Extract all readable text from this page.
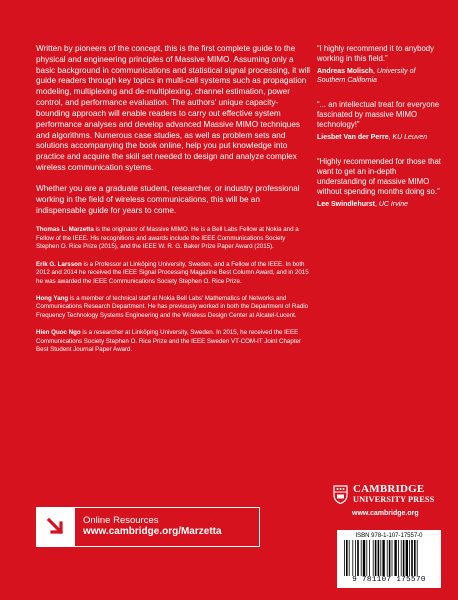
Written by pioneers of the concept, this is the first complete guide to the physical and engineering principles of Massive MIMO. Assuming only a basic background in communications and statistical signal processing, it will guide readers through key topics in multi-cell systems such as propagation modeling, multiplexing and de-multiplexing, channel estimation, power control, and performance evaluation. The authors' unique capacity-bounding approach will enable readers to carry out effective system performance analyses and develop advanced Massive MIMO techniques and algorithms. Numerous case studies, as well as problem sets and solutions accompanying the book online, help you put knowledge into practice and acquire the skill set needed to design and analyze complex wireless communication sytems.

Whether you are a graduate student, researcher, or industry professional working in the field of wireless communications, this will be an indispensable guide for years to come.

Thomas L. Marzetta is the originator of Massive MIMO. He is a Bell Labs Fellow at Nokia and a Fellow of the IEEE. His recognitions and awards include the IEEE Communications Society Stephen O. Rice Prize (2015), and the IEEE W. R. G. Baker Prize Paper Award (2015).

Erik G. Larsson is a Professor at Linköping University, Sweden, and a Fellow of the IEEE. In both 2012 and 2014 he received the IEEE Signal Processing Magazine Best Column Award, and in 2015 he was awarded the IEEE Communications Society Stephen O. Rice Prize.

Hong Yang is a member of technical staff at Nokia Bell Labs' Mathematics of Networks and Communications Research Department. He has previously worked in both the Department of Radio Frequency Technology Systems Engineering and the Wireless Design Center at Alcatel-Lucent.

Hien Quoc Ngo is a researcher at Linköping University, Sweden. In 2015, he received the IEEE Communications Society Stephen O. Rice Prize and the IEEE Sweden VT-COM-IT Joint Chapter Best Student Journal Paper Award.

“I highly recommend it to anybody working in this field.”
Andreas Molisch, University of Southern California
“... an intellectual treat for everyone fascinated by massive MIMO technology!”
Liesbet Van der Perre, KU Leuven
“Highly recommended for those that want to get an in-depth understanding of massive MIMO without spending months doing so.”
Lee Swindlehurst, UC Irvine
Online Resources
www.cambridge.org/Marzetta
CAMBRIDGE
UNIVERSITY PRESS
www.cambridge.org
ISBN 978-1-107-17557-0
9 781107 175570
